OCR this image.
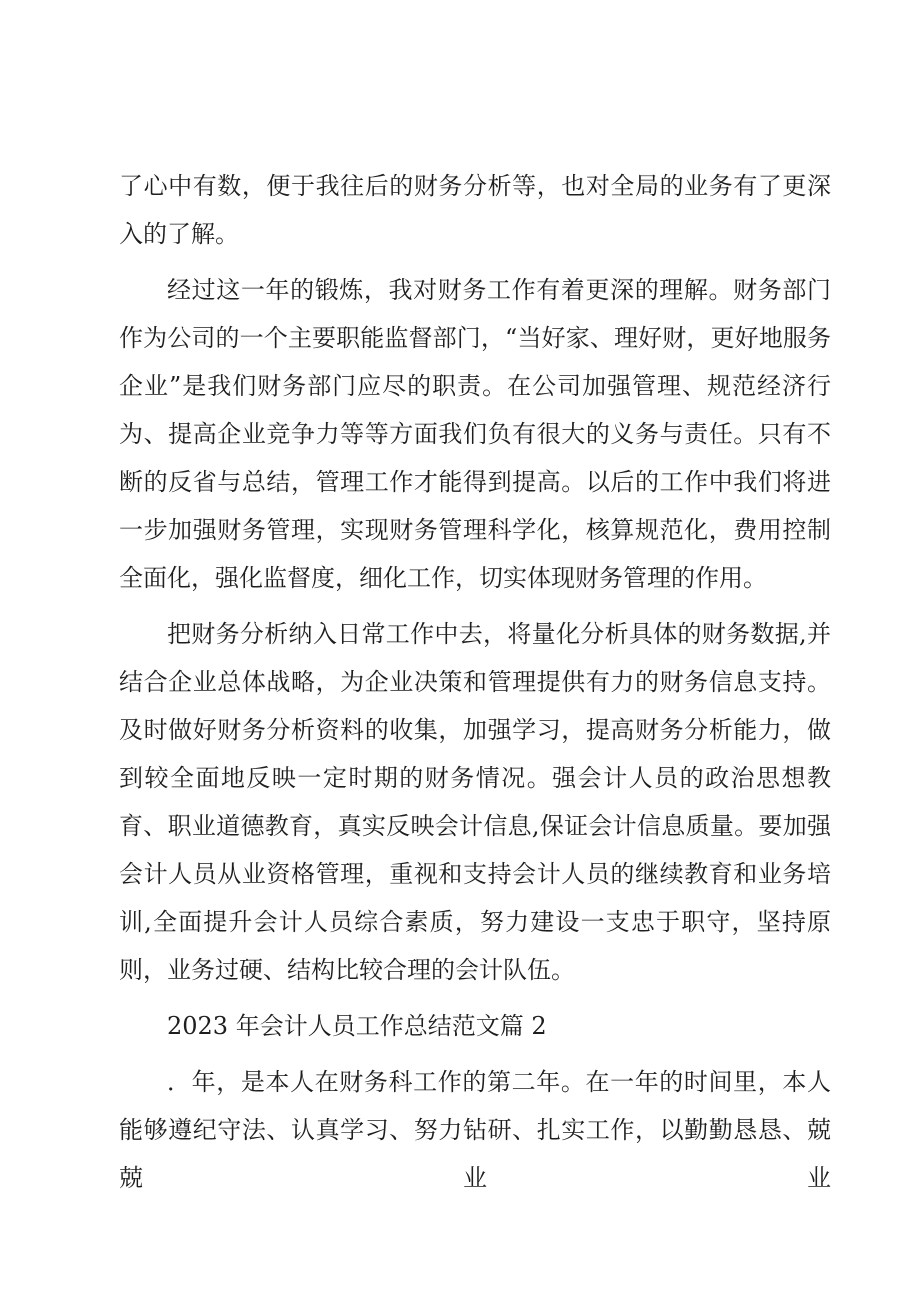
了心中有数，便于我往后的财务分析等，也对全局的业务有了更深入的了解。

经过这一年的锻炼，我对财务工作有着更深的理解。财务部门作为公司的一个主要职能监督部门，“当好家、理好财，更好地服务企业”是我们财务部门应尽的职责。在公司加强管理、规范经济行为、提高企业竞争力等等方面我们负有很大的义务与责任。只有不断的反省与总结，管理工作才能得到提高。以后的工作中我们将进一步加强财务管理，实现财务管理科学化，核算规范化，费用控制全面化，强化监督度，细化工作，切实体现财务管理的作用。

把财务分析纳入日常工作中去，将量化分析具体的财务数据,并结合企业总体战略，为企业决策和管理提供有力的财务信息支持。及时做好财务分析资料的收集，加强学习，提高财务分析能力，做到较全面地反映一定时期的财务情况。强会计人员的政治思想教育、职业道德教育，真实反映会计信息,保证会计信息质量。要加强会计人员从业资格管理，重视和支持会计人员的继续教育和业务培训,全面提升会计人员综合素质，努力建设一支忠于职守，坚持原则，业务过硬、结构比较合理的会计队伍。

2023 年会计人员工作总结范文篇 2

．年，是本人在财务科工作的第二年。在一年的时间里，本人能够遵纪守法、认真学习、努力钻研、扎实工作，以勤勤恳恳、兢兢业业
